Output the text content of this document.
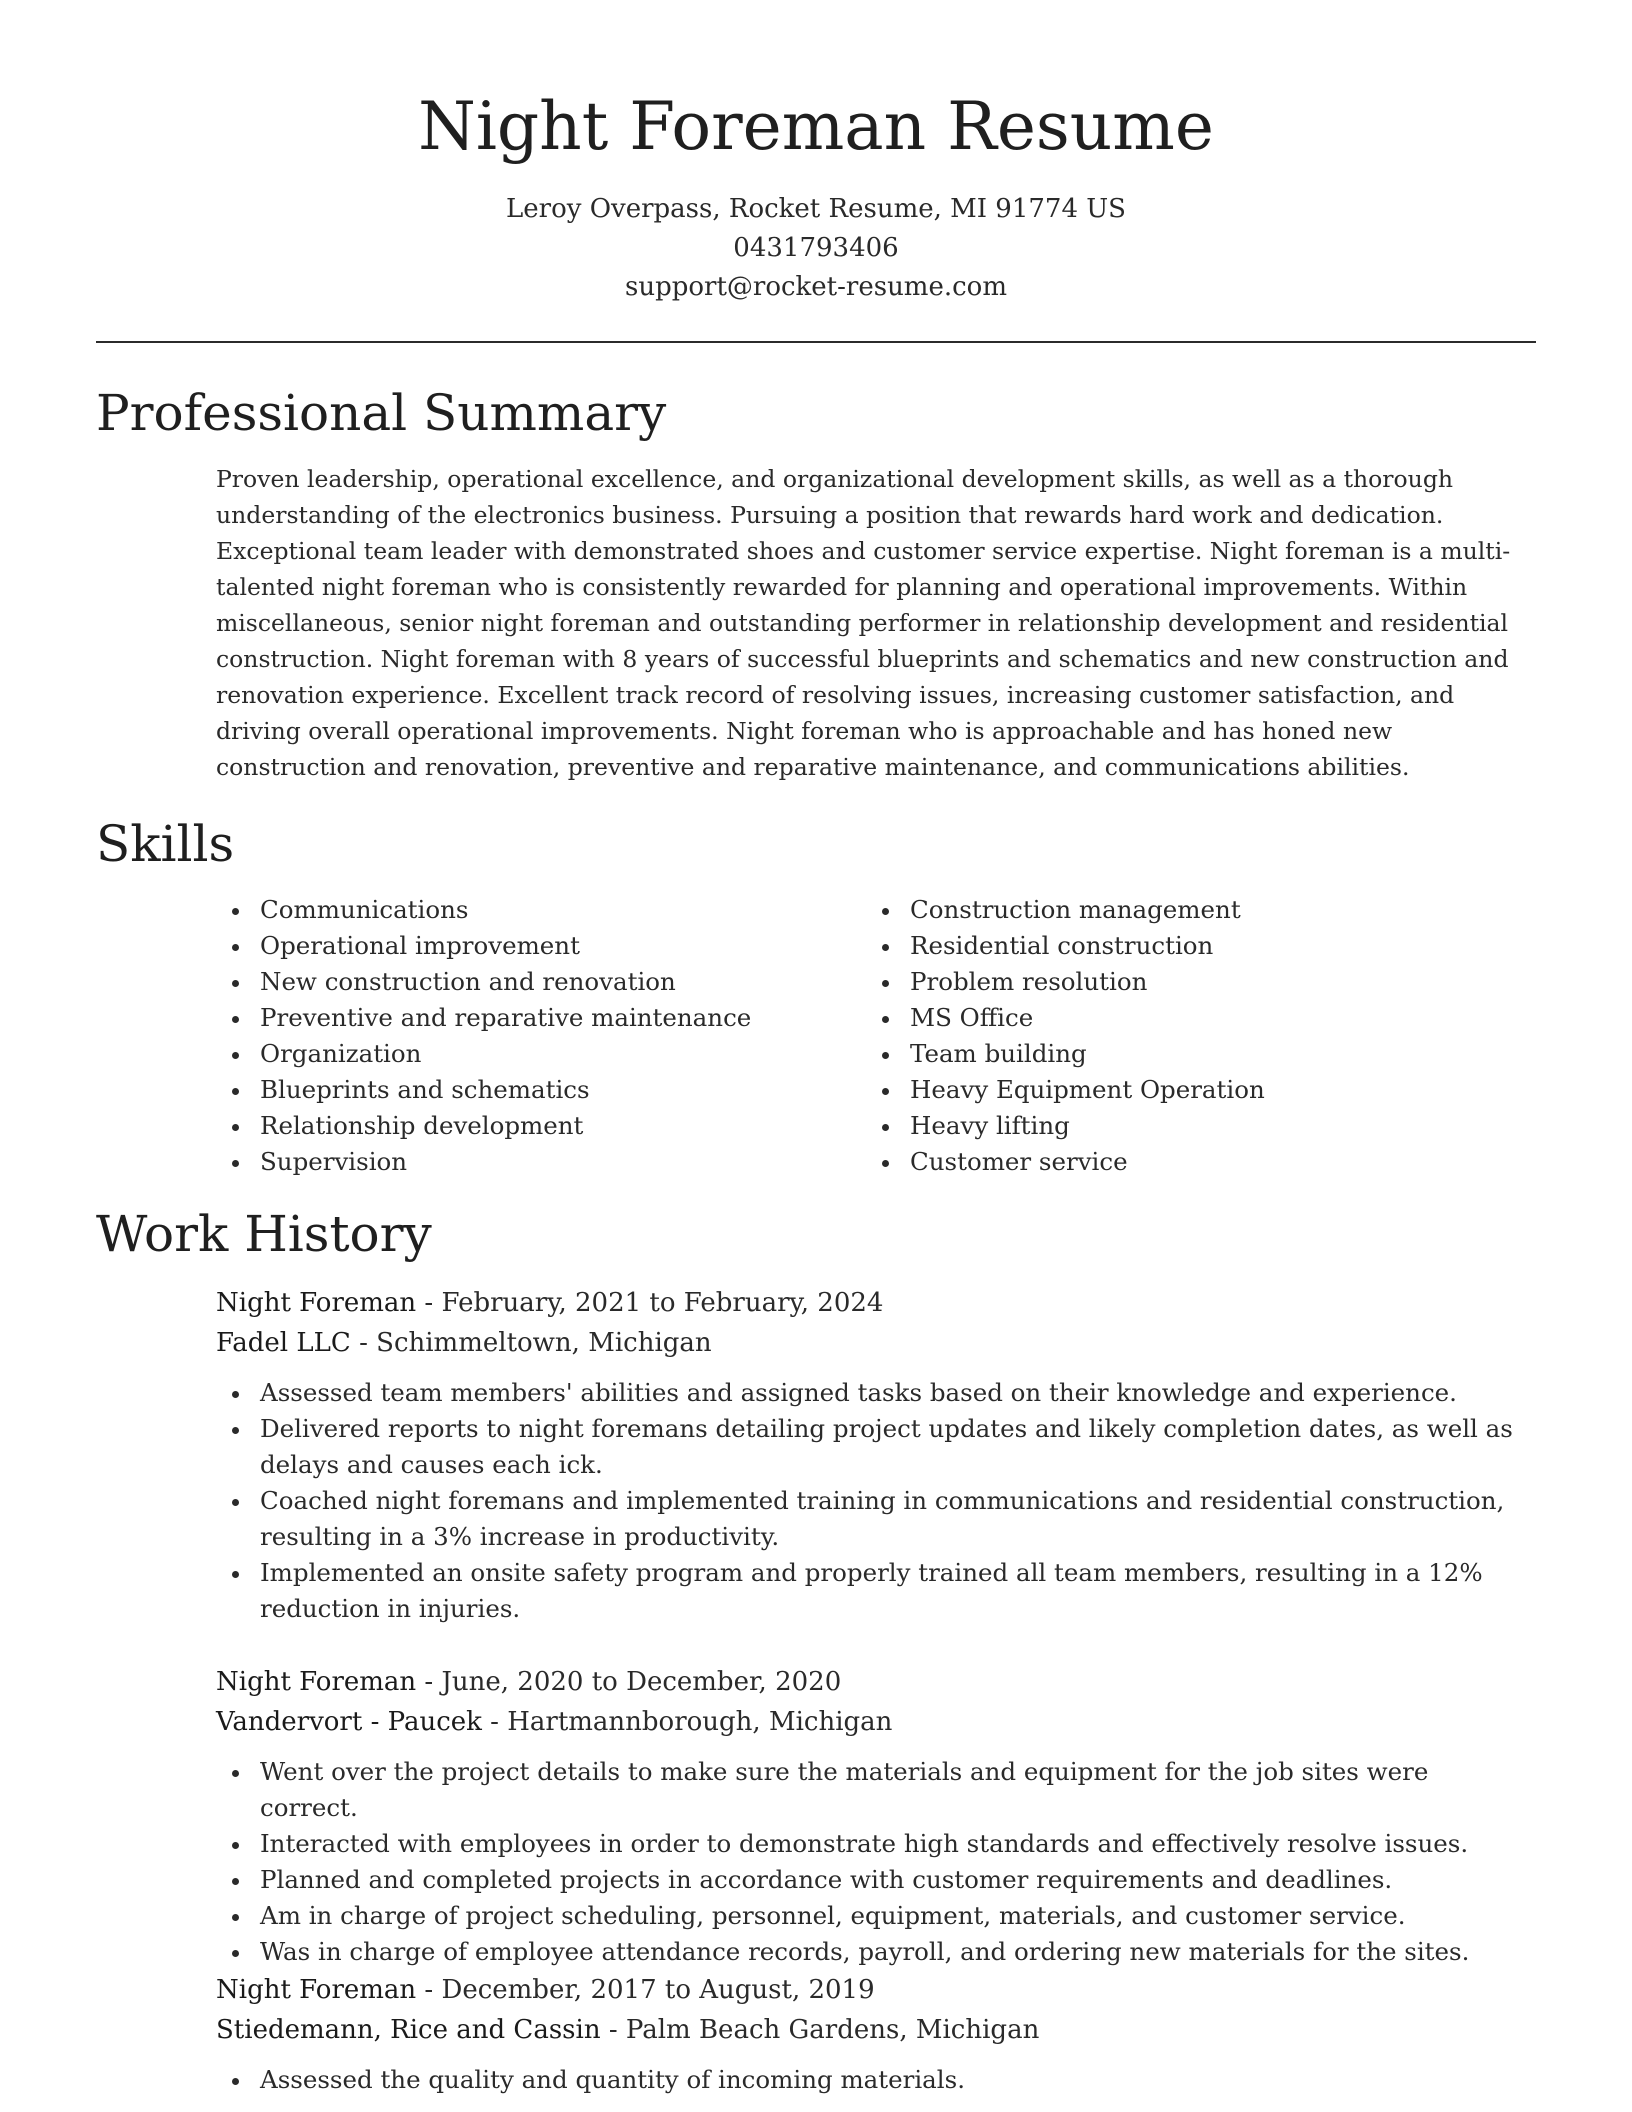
Night Foreman Resume
Leroy Overpass, Rocket Resume, MI 91774 US
0431793406
support@rocket-resume.com
Professional Summary

Proven leadership, operational excellence, and organizational development skills, as well as a thorough understanding of the electronics business. Pursuing a position that rewards hard work and dedication. Exceptional team leader with demonstrated shoes and customer service expertise. Night foreman is a multi-talented night foreman who is consistently rewarded for planning and operational improvements. Within miscellaneous, senior night foreman and outstanding performer in relationship development and residential construction. Night foreman with 8 years of successful blueprints and schematics and new construction and renovation experience. Excellent track record of resolving issues, increasing customer satisfaction, and driving overall operational improvements. Night foreman who is approachable and has honed new construction and renovation, preventive and reparative maintenance, and communications abilities.

Skills
Communications
Operational improvement
New construction and renovation
Preventive and reparative maintenance
Organization
Blueprints and schematics
Relationship development
Supervision
Construction management
Residential construction
Problem resolution
MS Office
Team building
Heavy Equipment Operation
Heavy lifting
Customer service
Work History
Night Foreman - February, 2021 to February, 2024
Fadel LLC - Schimmeltown, Michigan
Assessed team members' abilities and assigned tasks based on their knowledge and experience.
Delivered reports to night foremans detailing project updates and likely completion dates, as well as delays and causes each ick.
Coached night foremans and implemented training in communications and residential construction, resulting in a 3% increase in productivity.
Implemented an onsite safety program and properly trained all team members, resulting in a 12% reduction in injuries.
Night Foreman - June, 2020 to December, 2020
Vandervort - Paucek - Hartmannborough, Michigan
Went over the project details to make sure the materials and equipment for the job sites were correct.
Interacted with employees in order to demonstrate high standards and effectively resolve issues.
Planned and completed projects in accordance with customer requirements and deadlines.
Am in charge of project scheduling, personnel, equipment, materials, and customer service.
Was in charge of employee attendance records, payroll, and ordering new materials for the sites.
Night Foreman - December, 2017 to August, 2019
Stiedemann, Rice and Cassin - Palm Beach Gardens, Michigan
Assessed the quality and quantity of incoming materials.
